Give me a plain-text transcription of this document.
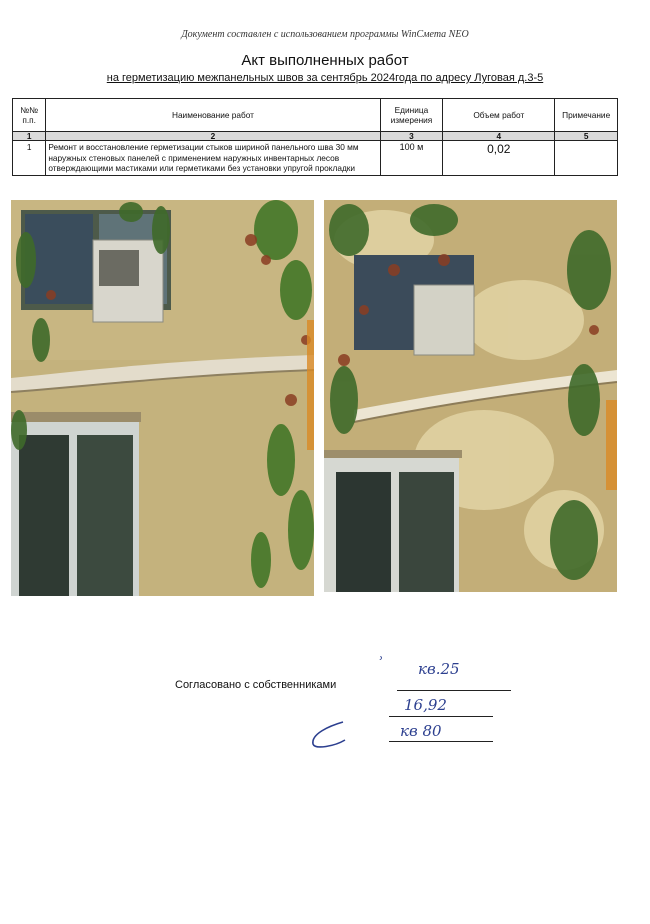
Документ составлен с использованием программы WinСмета NEO
Акт выполненных работ
на герметизацию межпанельных швов за сентябрь 2024года по адресу Луговая д.3-5
№№ п.п.	Наименование работ	Единица измерения	Объем работ	Примечание
1	2	3	4	5
1	Ремонт и восстановление герметизации стыков шириной панельного шва 30 мм наружных стеновых панелей с применением наружных инвентарных лесов отверждающими мастиками или герметиками без установки упругой прокладки	100 м	0,02	
Согласовано с собственниками
ʾ кв.25
16,92
кв 80
